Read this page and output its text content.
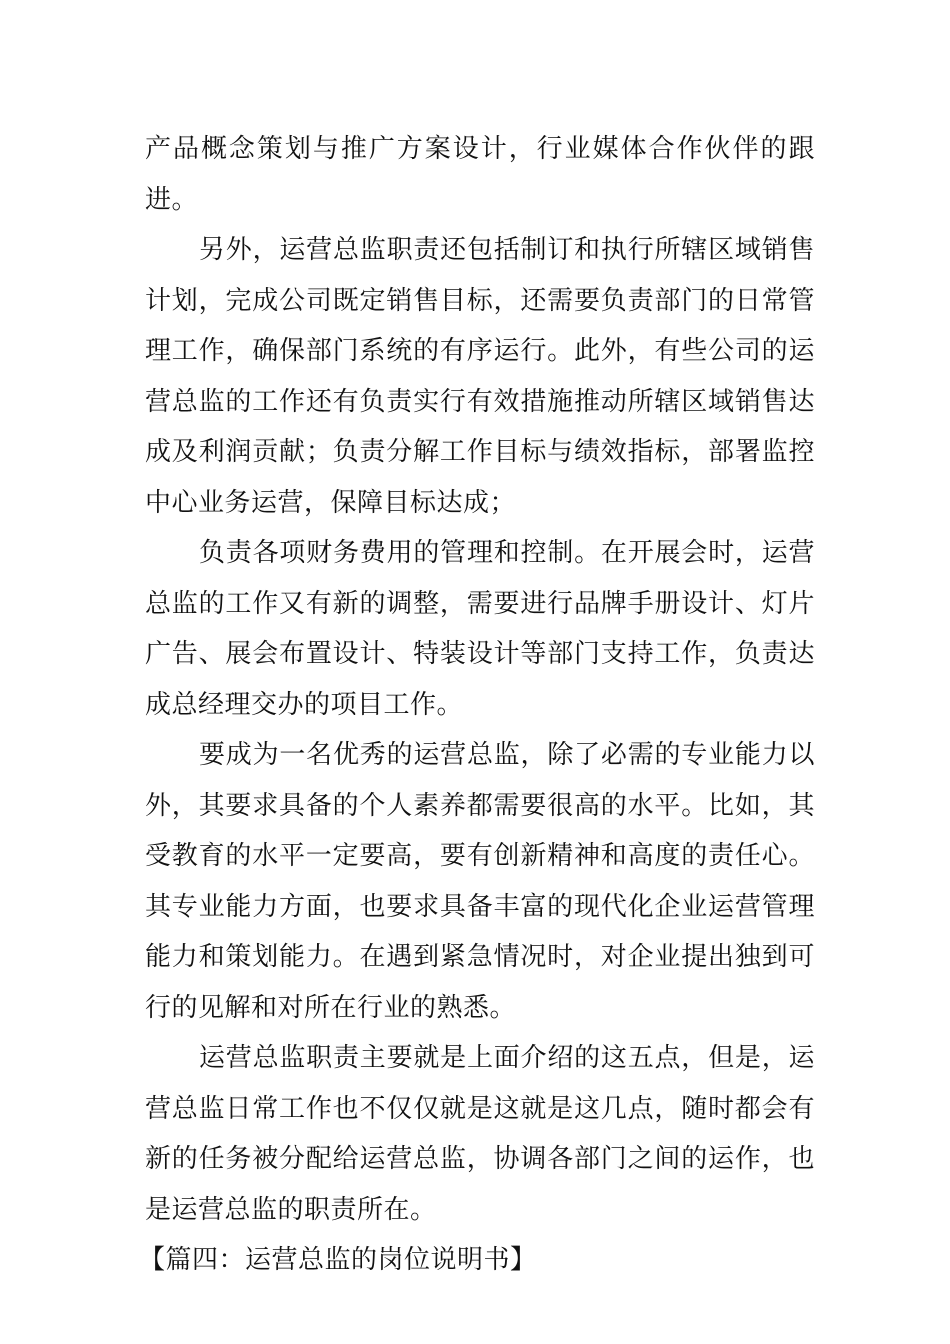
产品概念策划与推广方案设计，行业媒体合作伙伴的跟进。

另外，运营总监职责还包括制订和执行所辖区域销售计划，完成公司既定销售目标，还需要负责部门的日常管理工作，确保部门系统的有序运行。此外，有些公司的运营总监的工作还有负责实行有效措施推动所辖区域销售达成及利润贡献；负责分解工作目标与绩效指标，部署监控中心业务运营，保障目标达成；

负责各项财务费用的管理和控制。在开展会时，运营总监的工作又有新的调整，需要进行品牌手册设计、灯片广告、展会布置设计、特装设计等部门支持工作，负责达成总经理交办的项目工作。

要成为一名优秀的运营总监，除了必需的专业能力以外，其要求具备的个人素养都需要很高的水平。比如，其受教育的水平一定要高，要有创新精神和高度的责任心。其专业能力方面，也要求具备丰富的现代化企业运营管理能力和策划能力。在遇到紧急情况时，对企业提出独到可行的见解和对所在行业的熟悉。

运营总监职责主要就是上面介绍的这五点，但是，运营总监日常工作也不仅仅就是这就是这几点，随时都会有新的任务被分配给运营总监，协调各部门之间的运作，也是运营总监的职责所在。

【篇四：运营总监的岗位说明书】
